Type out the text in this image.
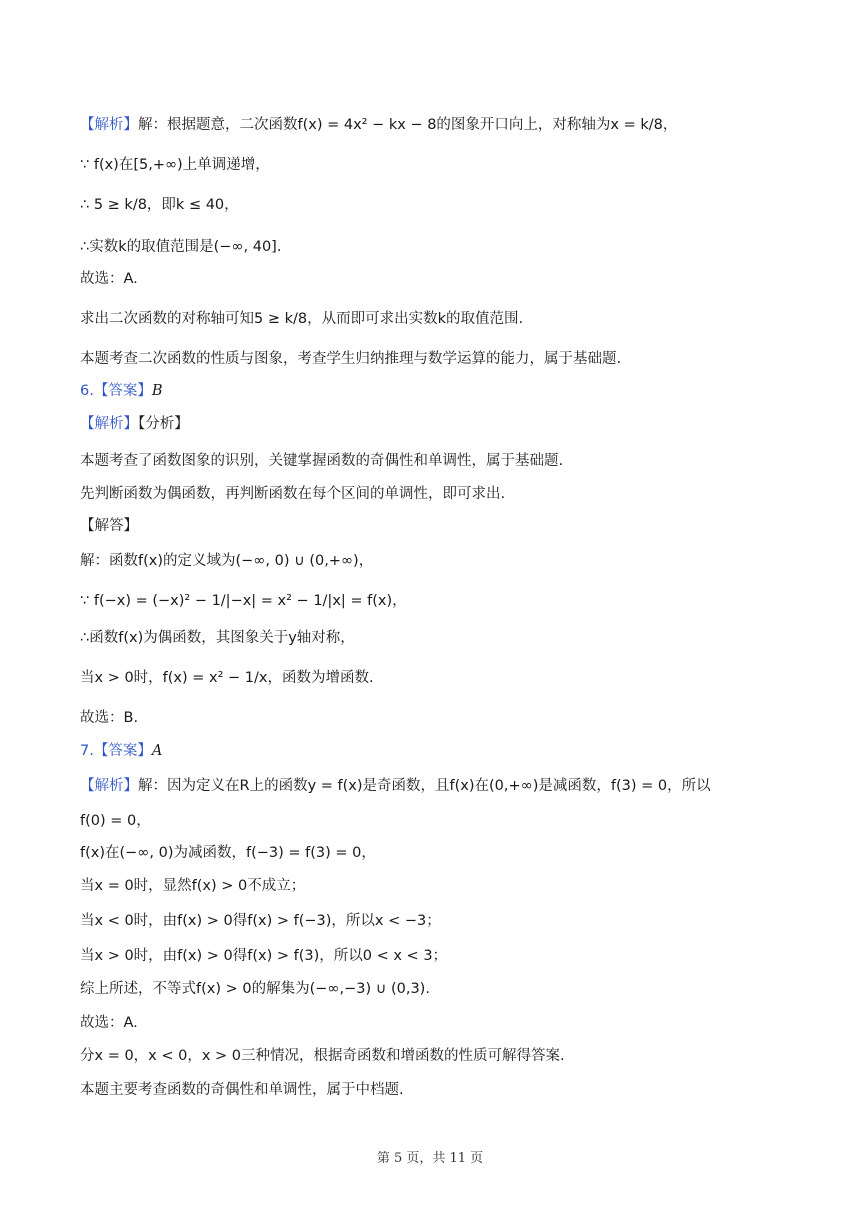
【解析】解：根据题意，二次函数f(x) = 4x² − kx − 8的图象开口向上，对称轴为x = k/8，
∵ f(x)在[5,+∞)上单调递增，
∴ 5 ≥ k/8，即k ≤ 40，
∴实数k的取值范围是(−∞, 40].
故选：A.
求出二次函数的对称轴可知5 ≥ k/8，从而即可求出实数k的取值范围.
本题考查二次函数的性质与图象，考查学生归纳推理与数学运算的能力，属于基础题.
6.【答案】B
【解析】【分析】
本题考查了函数图象的识别，关键掌握函数的奇偶性和单调性，属于基础题.
先判断函数为偶函数，再判断函数在每个区间的单调性，即可求出.
【解答】
解：函数f(x)的定义域为(−∞, 0) ∪ (0,+∞)，
∵ f(−x) = (−x)² − 1/|−x| = x² − 1/|x| = f(x)，
∴函数f(x)为偶函数，其图象关于y轴对称，
当x > 0时，f(x) = x² − 1/x，函数为增函数.
故选：B.
7.【答案】A
【解析】解：因为定义在R上的函数y = f(x)是奇函数，且f(x)在(0,+∞)是减函数，f(3) = 0，所以
f(0) = 0，
f(x)在(−∞, 0)为减函数，f(−3) = f(3) = 0，
当x = 0时，显然f(x) > 0不成立；
当x < 0时，由f(x) > 0得f(x) > f(−3)，所以x < −3；
当x > 0时，由f(x) > 0得f(x) > f(3)，所以0 < x < 3；
综上所述，不等式f(x) > 0的解集为(−∞,−3) ∪ (0,3).
故选：A.
分x = 0，x < 0，x > 0三种情况，根据奇函数和增函数的性质可解得答案.
本题主要考查函数的奇偶性和单调性，属于中档题.
第 5 页，共 11 页
